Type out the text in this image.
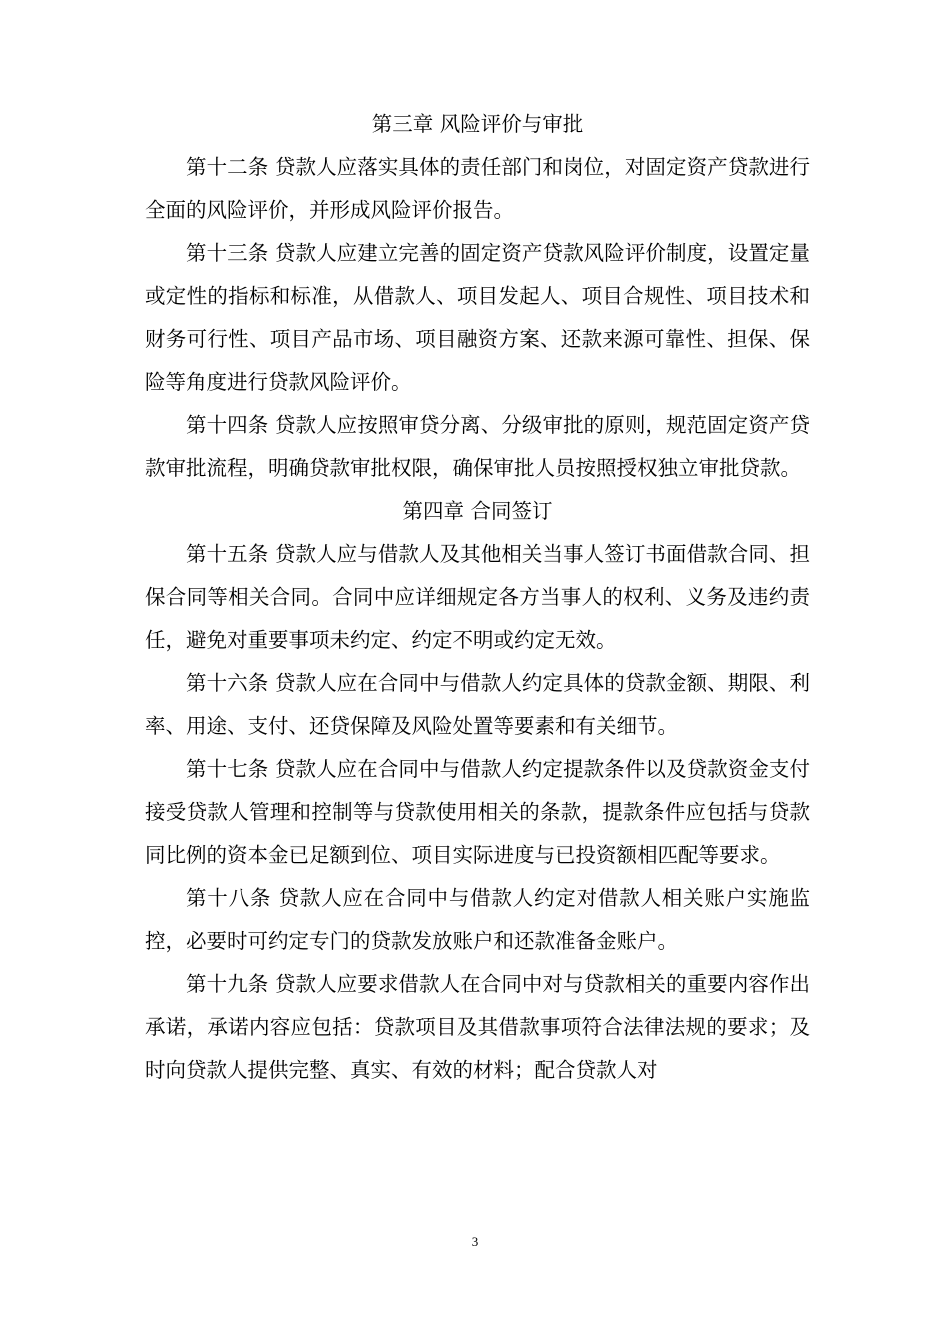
第三章 风险评价与审批

第十二条 贷款人应落实具体的责任部门和岗位，对固定资产贷款进行全面的风险评价，并形成风险评价报告。

第十三条 贷款人应建立完善的固定资产贷款风险评价制度，设置定量或定性的指标和标准，从借款人、项目发起人、项目合规性、项目技术和财务可行性、项目产品市场、项目融资方案、还款来源可靠性、担保、保险等角度进行贷款风险评价。

第十四条 贷款人应按照审贷分离、分级审批的原则，规范固定资产贷款审批流程，明确贷款审批权限，确保审批人员按照授权独立审批贷款。

第四章 合同签订

第十五条 贷款人应与借款人及其他相关当事人签订书面借款合同、担保合同等相关合同。合同中应详细规定各方当事人的权利、义务及违约责任，避免对重要事项未约定、约定不明或约定无效。

第十六条 贷款人应在合同中与借款人约定具体的贷款金额、期限、利率、用途、支付、还贷保障及风险处置等要素和有关细节。

第十七条 贷款人应在合同中与借款人约定提款条件以及贷款资金支付接受贷款人管理和控制等与贷款使用相关的条款，提款条件应包括与贷款同比例的资本金已足额到位、项目实际进度与已投资额相匹配等要求。

第十八条 贷款人应在合同中与借款人约定对借款人相关账户实施监控，必要时可约定专门的贷款发放账户和还款准备金账户。

第十九条 贷款人应要求借款人在合同中对与贷款相关的重要内容作出承诺，承诺内容应包括：贷款项目及其借款事项符合法律法规的要求；及时向贷款人提供完整、真实、有效的材料；配合贷款人对

3
